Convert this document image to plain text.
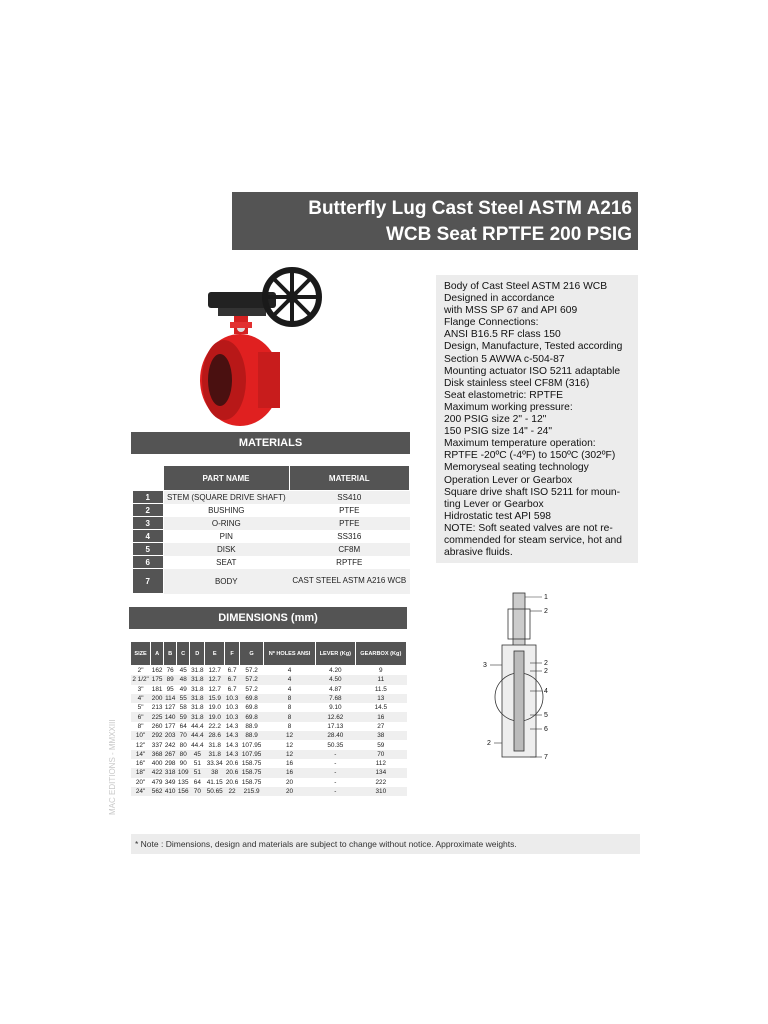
Butterfly Lug Cast Steel ASTM A216
WCB Seat RPTFE 200 PSIG
Body of Cast Steel ASTM 216 WCB
Designed in accordance
with MSS SP 67 and API 609
Flange Connections:
ANSI B16.5 RF class 150
Design, Manufacture, Tested according
Section 5 AWWA c-504-87
Mounting actuator ISO 5211 adaptable
Disk stainless steel CF8M (316)
Seat elastometric: RPTFE
Maximum working pressure:
200 PSIG size 2" - 12"
150 PSIG size 14" - 24"
Maximum temperature operation:
RPTFE -20ºC (-4ºF) to 150ºC (302ºF)
Memoryseal seating technology
Operation Lever or Gearbox
Square drive shaft ISO 5211 for moun-
ting Lever or Gearbox
Hidrostatic test API 598
NOTE: Soft seated valves are not re-
commended for steam service, hot and
abrasive fluids.
MATERIALS
	PART NAME	MATERIAL
1	STEM (SQUARE DRIVE SHAFT)	SS410
2	BUSHING	PTFE
3	O-RING	PTFE
4	PIN	SS316
5	DISK	CF8M
6	SEAT	RPTFE
7	BODY	CAST STEEL ASTM A216 WCB
DIMENSIONS (mm)
SIZE	A	B	C	D	E	F	G	Nº HOLES ANSI	LEVER (Kg)	GEARBOX (Kg)
2"	162	76	45	31.8	12.7	6.7	57.2	4	4.20	9
2 1/2"	175	89	48	31.8	12.7	6.7	57.2	4	4.50	11
3"	181	95	49	31.8	12.7	6.7	57.2	4	4.87	11.5
4"	200	114	55	31.8	15.9	10.3	69.8	8	7.68	13
5"	213	127	58	31.8	19.0	10.3	69.8	8	9.10	14.5
6"	225	140	59	31.8	19.0	10.3	69.8	8	12.62	16
8"	260	177	64	44.4	22.2	14.3	88.9	8	17.13	27
10"	292	203	70	44.4	28.6	14.3	88.9	12	28.40	38
12"	337	242	80	44.4	31.8	14.3	107.95	12	50.35	59
14"	368	267	80	45	31.8	14.3	107.95	12	-	70
16"	400	298	90	51	33.34	20.6	158.75	16	-	112
18"	422	318	109	51	38	20.6	158.75	16	-	134
20"	479	349	135	64	41.15	20.6	158.75	20	-	222
24"	562	410	156	70	50.65	22	215.9	20	-	310
MAC EDITIONS - MMXXIII
1
2
2
2
3
4
5
6
2
7
* Note : Dimensions, design and materials are subject to change without notice. Approximate weights.
